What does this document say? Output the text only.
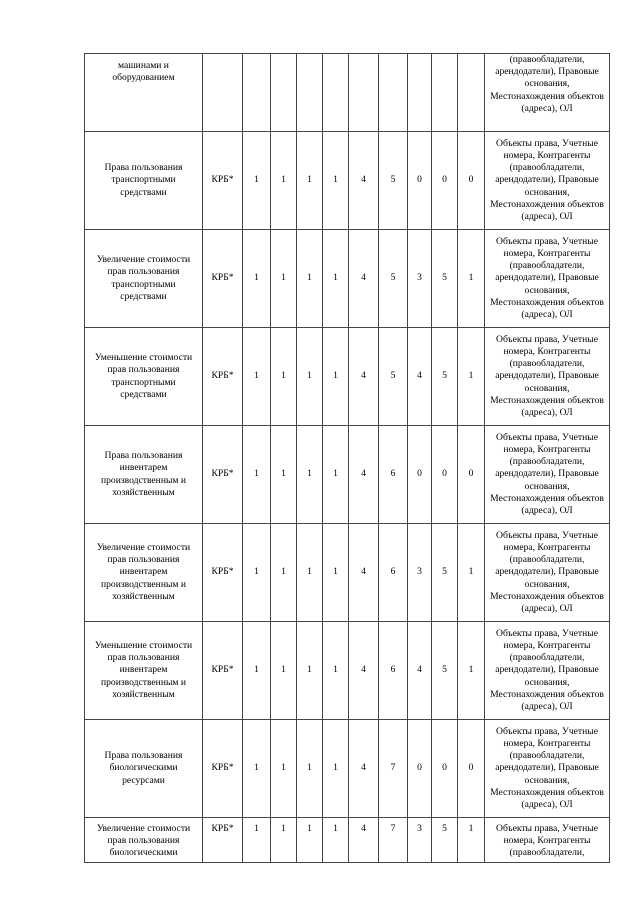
машинами и оборудованием											(правообладатели, арендодатели), Правовые основания, Местонахождения объектов (адреса), ОЛ
Права пользования транспортными средствами	КРБ*	1	1	1	1	4	5	0	0	0	Объекты права, Учетные номера, Контрагенты (правообладатели, арендодатели), Правовые основания, Местонахождения объектов (адреса), ОЛ
Увеличение стоимости прав пользования транспортными средствами	КРБ*	1	1	1	1	4	5	3	5	1	Объекты права, Учетные номера, Контрагенты (правообладатели, арендодатели), Правовые основания, Местонахождения объектов (адреса), ОЛ
Уменьшение стоимости прав пользования транспортными средствами	КРБ*	1	1	1	1	4	5	4	5	1	Объекты права, Учетные номера, Контрагенты (правообладатели, арендодатели), Правовые основания, Местонахождения объектов (адреса), ОЛ
Права пользования инвентарем производственным и хозяйственным	КРБ*	1	1	1	1	4	6	0	0	0	Объекты права, Учетные номера, Контрагенты (правообладатели, арендодатели), Правовые основания, Местонахождения объектов (адреса), ОЛ
Увеличение стоимости прав пользования инвентарем производственным и хозяйственным	КРБ*	1	1	1	1	4	6	3	5	1	Объекты права, Учетные номера, Контрагенты (правообладатели, арендодатели), Правовые основания, Местонахождения объектов (адреса), ОЛ
Уменьшение стоимости прав пользования инвентарем производственным и хозяйственным	КРБ*	1	1	1	1	4	6	4	5	1	Объекты права, Учетные номера, Контрагенты (правообладатели, арендодатели), Правовые основания, Местонахождения объектов (адреса), ОЛ
Права пользования биологическими ресурсами	КРБ*	1	1	1	1	4	7	0	0	0	Объекты права, Учетные номера, Контрагенты (правообладатели, арендодатели), Правовые основания, Местонахождения объектов (адреса), ОЛ
Увеличение стоимости прав пользования биологическими	КРБ*	1	1	1	1	4	7	3	5	1	Объекты права, Учетные номера, Контрагенты (правообладатели,
